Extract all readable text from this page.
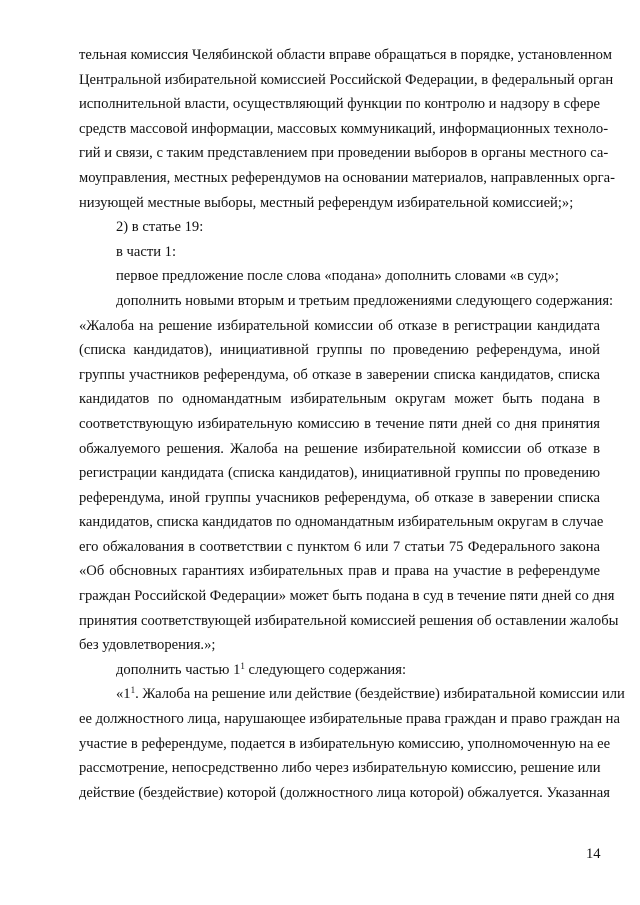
тельная комиссия Челябинской области вправе обращаться в порядке, установленном
Центральной избирательной комиссией Российской Федерации, в федеральный орган
исполнительной власти, осуществляющий функции по контролю и надзору в сфере
средств массовой информации, массовых коммуникаций, информационных техноло-
гий и связи, с таким представлением при проведении выборов в органы местного са-
моуправления, местных референдумов на основании материалов, направленных орга-
низующей местные выборы, местный референдум избирательной комиссией;»;
2) в статье 19:
в части 1:
первое предложение после слова «подана» дополнить словами «в суд»;
дополнить новыми вторым и третьим предложениями следующего содержания:
«Жалоба на решение избирательной комиссии об отказе в регистрации кандидата
(списка кандидатов), инициативной группы по проведению референдума, иной
группы участников референдума, об отказе в заверении списка кандидатов, списка
кандидатов по одномандатным избирательным округам может быть подана в
соответствующую избирательную комиссию в течение пяти дней со дня принятия
обжалуемого решения. Жалоба на решение избирательной комиссии об отказе в
регистрации кандидата (списка кандидатов), инициативной группы по проведению
референдума, иной группы учасников референдума, об отказе в заверении списка
кандидатов, списка кандидатов по одномандатным избирательным округам в случае
его обжалования в соответствии с пунктом 6 или 7 статьи 75 Федерального закона
«Об обсновных гарантиях избирательных прав и права на участие в референдуме
граждан Российской Федерации» может быть подана в суд в течение пяти дней со дня
принятия соответствующей избирательной комиссией решения об оставлении жалобы
без удовлетворения.»;
дополнить частью $1^1$ следующего содержания:
«$1^1$. Жалоба на решение или действие (бездействие) избиратальной комиссии или
ее должностного лица, нарушающее избирательные права граждан и право граждан на
участие в референдуме, подается в избирательную комиссию, уполномоченную на ее
рассмотрение, непосредственно либо через избирательную комиссию, решение или
действие (бездействие) которой (должностного лица которой) обжалуется. Указанная
14
